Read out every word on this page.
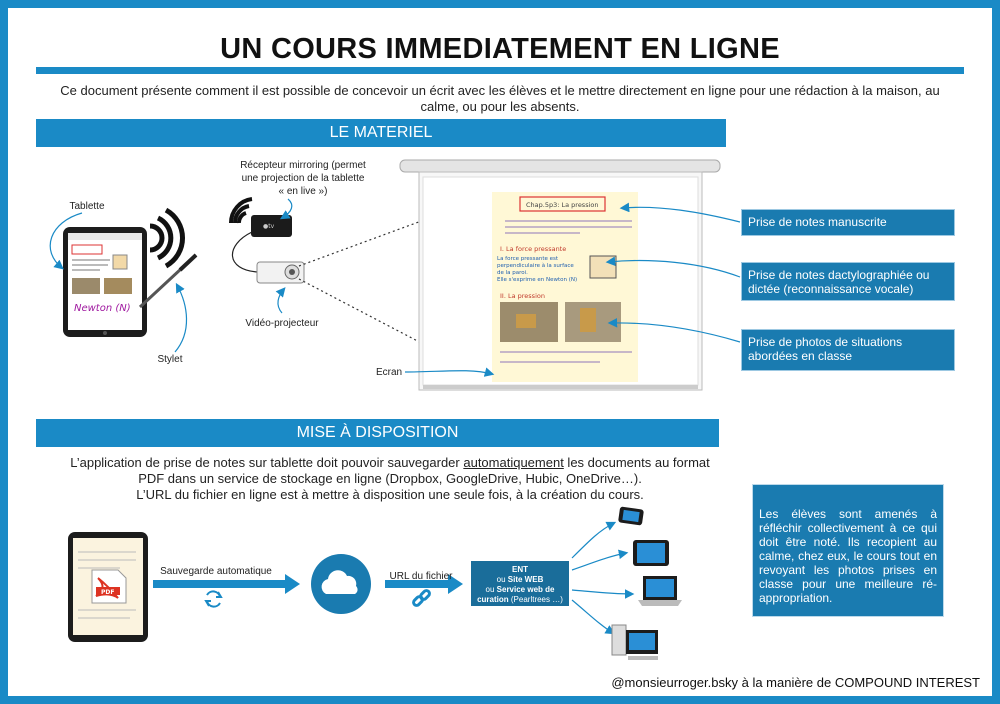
UN COURS IMMEDIATEMENT EN LIGNE
Ce document présente comment il est possible de concevoir un écrit avec les élèves et le mettre directement en ligne pour une rédaction à la maison, au calme, ou pour les absents.
LE MATERIEL
MISE À DISPOSITION
Newton (N)
●tv
Chap.5p3: La pression
I. La force pressante
La force pressante est
perpendiculaire à la surface
de la paroi.
Elle s'exprime en Newton (N)
II. La pression
PDF
Tablette
Stylet
Récepteur mirroring (permet une projection de la tablette « en live »)
Vidéo-projecteur
Ecran
Prise de notes manuscrite
Prise de notes dactylographiée ou dictée (reconnaissance vocale)
Prise de photos de situations abordées en classe
L’application de prise de notes sur tablette doit pouvoir sauvegarder automatiquement les documents au format PDF dans un service de stockage en ligne (Dropbox, GoogleDrive, Hubic, OneDrive…).
L’URL du fichier en ligne est à mettre à disposition une seule fois, à la création du cours.
Sauvegarde automatique	URL du fichier
ENT
ou Site WEB
ou Service web de curation (Pearltrees …)
Les élèves sont amenés à réfléchir collectivement à ce qui doit être noté. Ils recopient au calme, chez eux, le cours tout en revoyant les photos prises en classe pour une meilleure ré-appropriation.
@monsieurroger.bsky à la manière de COMPOUND INTEREST
